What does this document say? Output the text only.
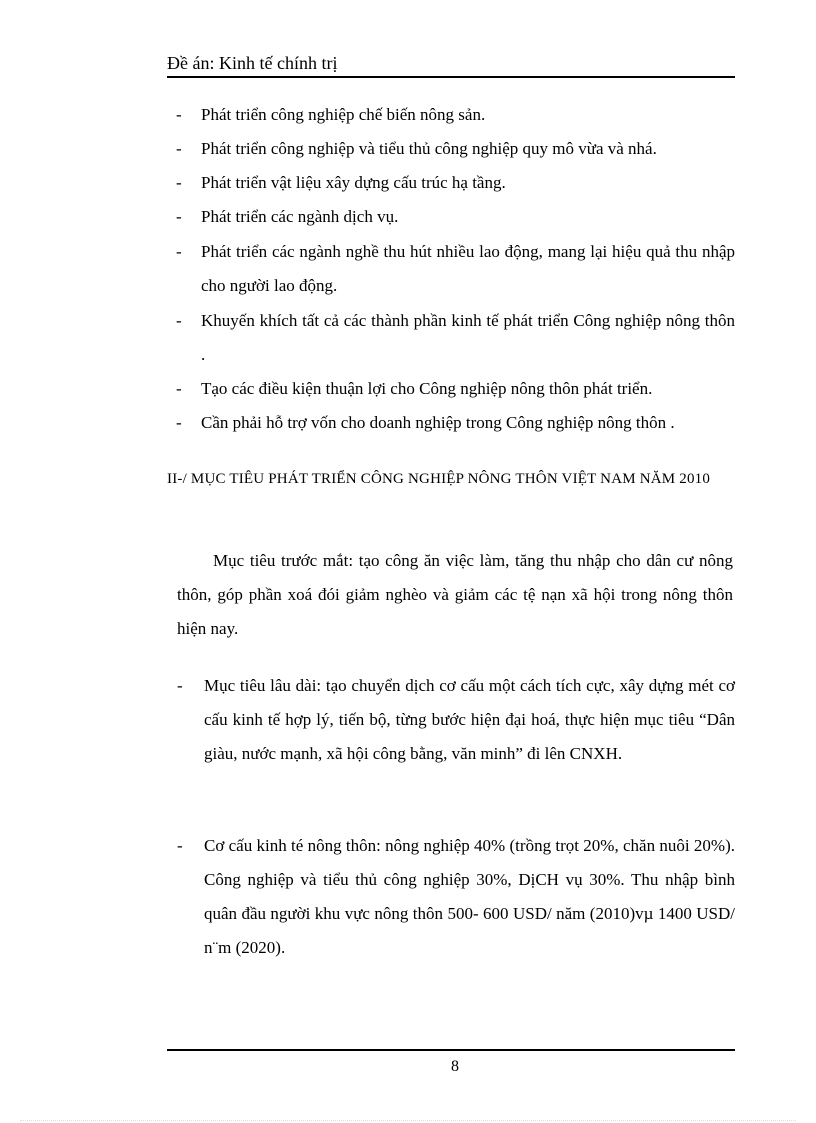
Đề án: Kinh tế chính trị
- Phát triển công nghiệp chế biến nông sản.
- Phát triển công nghiệp và tiểu thủ công nghiệp quy mô vừa và nhá.
- Phát triển vật liệu xây dựng cấu trúc hạ tầng.
- Phát triển các ngành dịch vụ.
- Phát triển các ngành nghề thu hút nhiều lao động, mang lại hiệu quả thu nhập cho người lao động.
- Khuyến khích tất cả các thành phần kinh tế phát triển Công nghiệp nông thôn .
- Tạo các điều kiện thuận lợi cho Công nghiệp nông thôn phát triển.
- Cần phải hỗ trợ vốn cho doanh nghiệp trong Công nghiệp nông thôn .
II-/ MỤC TIÊU PHÁT TRIỂN CÔNG NGHIỆP NÔNG THÔN VIỆT NAM NĂM 2010
Mục tiêu trước mắt: tạo công ăn việc làm, tăng thu nhập cho dân cư nông thôn, góp phần xoá đói giảm nghèo và giảm các tệ nạn xã hội trong nông thôn hiện nay.
- Mục tiêu lâu dài: tạo chuyển dịch cơ cấu một cách tích cực, xây dựng mét cơ cấu kinh tế hợp lý, tiến bộ, từng bước hiện đại hoá, thực hiện mục tiêu “Dân giàu, nước mạnh, xã hội công bằng, văn minh” đi lên CNXH.
- Cơ cấu kinh té nông thôn: nông nghiệp 40% (trồng trọt 20%, chăn nuôi 20%). Công nghiệp và tiểu thủ công nghiệp 30%, DịCH vụ 30%. Thu nhập bình quân đầu người khu vực nông thôn 500- 600 USD/ năm (2010)vµ 1400 USD/ n¨m (2020).
8
